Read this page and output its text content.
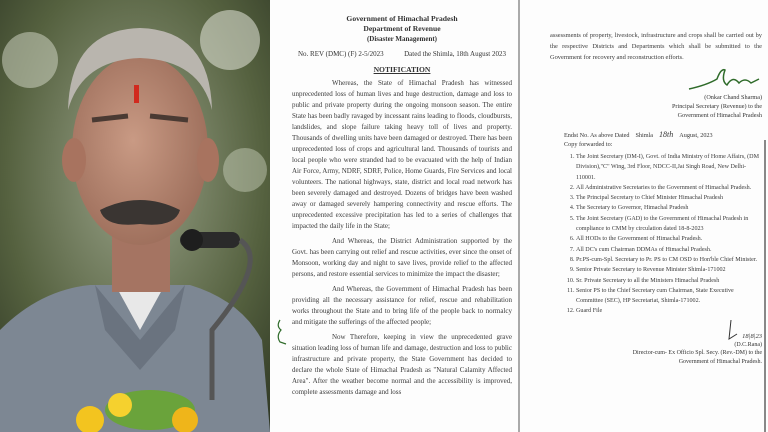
Government of Himachal Pradesh
Department of Revenue
(Disaster Management)
No. REV (DMC) (F) 2-5/2023	Dated the Shimla, 18th August 2023
NOTIFICATION
Whereas, the State of Himachal Pradesh has witnessed unprecedented loss of human lives and huge destruction, damage and loss to public and private property during the ongoing monsoon season. The entire State has been badly ravaged by incessant rains leading to floods, cloudbursts, landslides, and slope failure taking heavy toll of lives and property. Thousands of dwelling units have been damaged or destroyed. There has been unprecedented loss of crops and agricultural land. Thousands of tourists and local people who were stranded had to be evacuated with the help of Indian Air Force, Army, NDRF, SDRF, Police, Home Guards, Fire Services and local volunteers. The national highways, state, district and local road network has been severely damaged and destroyed. Dozens of bridges have been washed away or damaged severely hampering connectivity and rescue efforts. The unprecedented excessive precipitation has led to a series of challenges that impacted the daily life in the State;
And Whereas, the District Administration supported by the Govt. has been carrying out relief and rescue activities, ever since the onset of Monsoon, working day and night to save lives, provide relief to the affected persons, and restore essential services to minimize the impact the disaster;
And Whereas, the Government of Himachal Pradesh has been providing all the necessary assistance for relief, rescue and rehabilitation works throughout the State and to bring life of the people back to normalcy and mitigate the sufferings of the affected people;
Now Therefore, keeping in view the unprecedented grave situation leading loss of human life and damage, destruction and loss to public infrastructure and private property, the State Government has decided to declare the whole State of Himachal Pradesh as "Natural Calamity Affected Area". After the weather become normal and the accessibility is improved, complete assessments damage and loss
assessments of property, livestock, infrastructure and crops shall be carried out by the respective Districts and Departments which shall be submitted to the Government for recovery and reconstruction efforts.
(Onkar Chand Sharma)
Principal Secretary (Revenue) to the
Government of Himachal Pradesh
Endst No. As above Dated Shimla 18th August, 2023
Copy forwarded to:
1. The Joint Secretary (DM-I), Govt. of India Ministry of Home Affairs, (DM Division),"C" Wing, 3rd Floor, NDCC-II,Jai Singh Road, New Delhi-110001.
2. All Administrative Secretaries to the Government of Himachal Pradesh.
3. The Principal Secretary to Chief Minister Himachal Pradesh
4. The Secretary to Governor, Himachal Pradesh
5. The Joint Secretary (GAD) to the Government of Himachal Pradesh in compliance to CMM by circulation dated 18-8-2023
6. All HODs to the Government of Himachal Pradesh.
7. All DC's cum Chairman DDMAs of Himachal Pradesh.
8. Pr.PS-cum-Spl. Secretary to Pr. PS to CM OSD to Hon'ble Chief Minister.
9. Senior Private Secretary to Revenue Minister Shimla-171002
10. Sr. Private Secretary to all the Ministers Himachal Pradesh
11. Senior PS to the Chief Secretary cum Chairman, State Executive Committee (SEC), HP Secretariat, Shimla-171002.
12. Guard File
18|8|23
(D.C.Rana)
Director-cum- Ex Officio Spl. Secy. (Rev.-DM) to the
Government of Himachal Pradesh.
